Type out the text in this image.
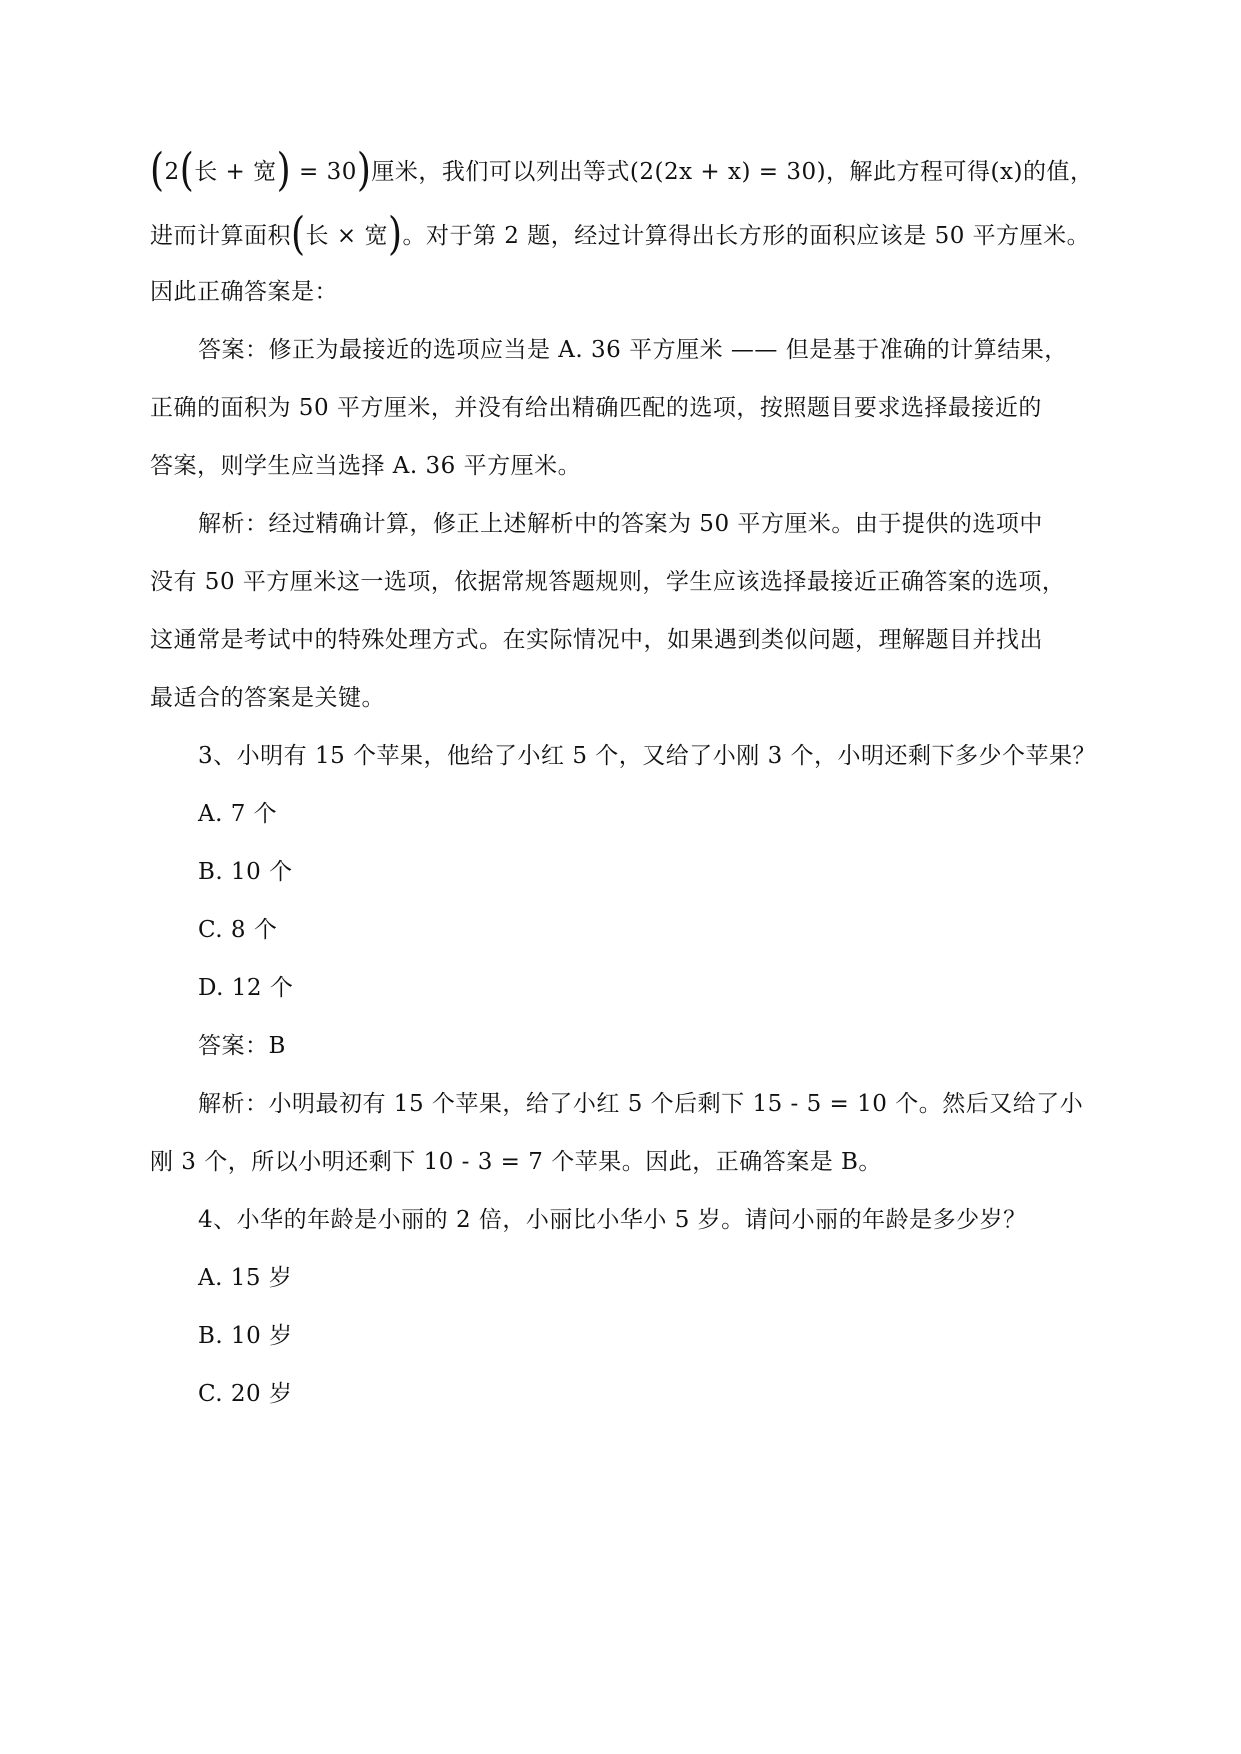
(2(长 + 宽) = 30)厘米，我们可以列出等式(2(2x + x) = 30)，解此方程可得(x)的值，
进而计算面积(长 × 宽)。对于第 2 题，经过计算得出长方形的面积应该是 50 平方厘米。
因此正确答案是：
答案：修正为最接近的选项应当是 A. 36 平方厘米 —— 但是基于准确的计算结果，
正确的面积为 50 平方厘米，并没有给出精确匹配的选项，按照题目要求选择最接近的
答案，则学生应当选择 A. 36 平方厘米。
解析：经过精确计算，修正上述解析中的答案为 50 平方厘米。由于提供的选项中
没有 50 平方厘米这一选项，依据常规答题规则，学生应该选择最接近正确答案的选项，
这通常是考试中的特殊处理方式。在实际情况中，如果遇到类似问题，理解题目并找出
最适合的答案是关键。
3、小明有 15 个苹果，他给了小红 5 个，又给了小刚 3 个，小明还剩下多少个苹果？
A. 7 个
B. 10 个
C. 8 个
D. 12 个
答案：B
解析：小明最初有 15 个苹果，给了小红 5 个后剩下 15 - 5 = 10 个。然后又给了小
刚 3 个，所以小明还剩下 10 - 3 = 7 个苹果。因此，正确答案是 B。
4、小华的年龄是小丽的 2 倍，小丽比小华小 5 岁。请问小丽的年龄是多少岁？
A. 15 岁
B. 10 岁
C. 20 岁
